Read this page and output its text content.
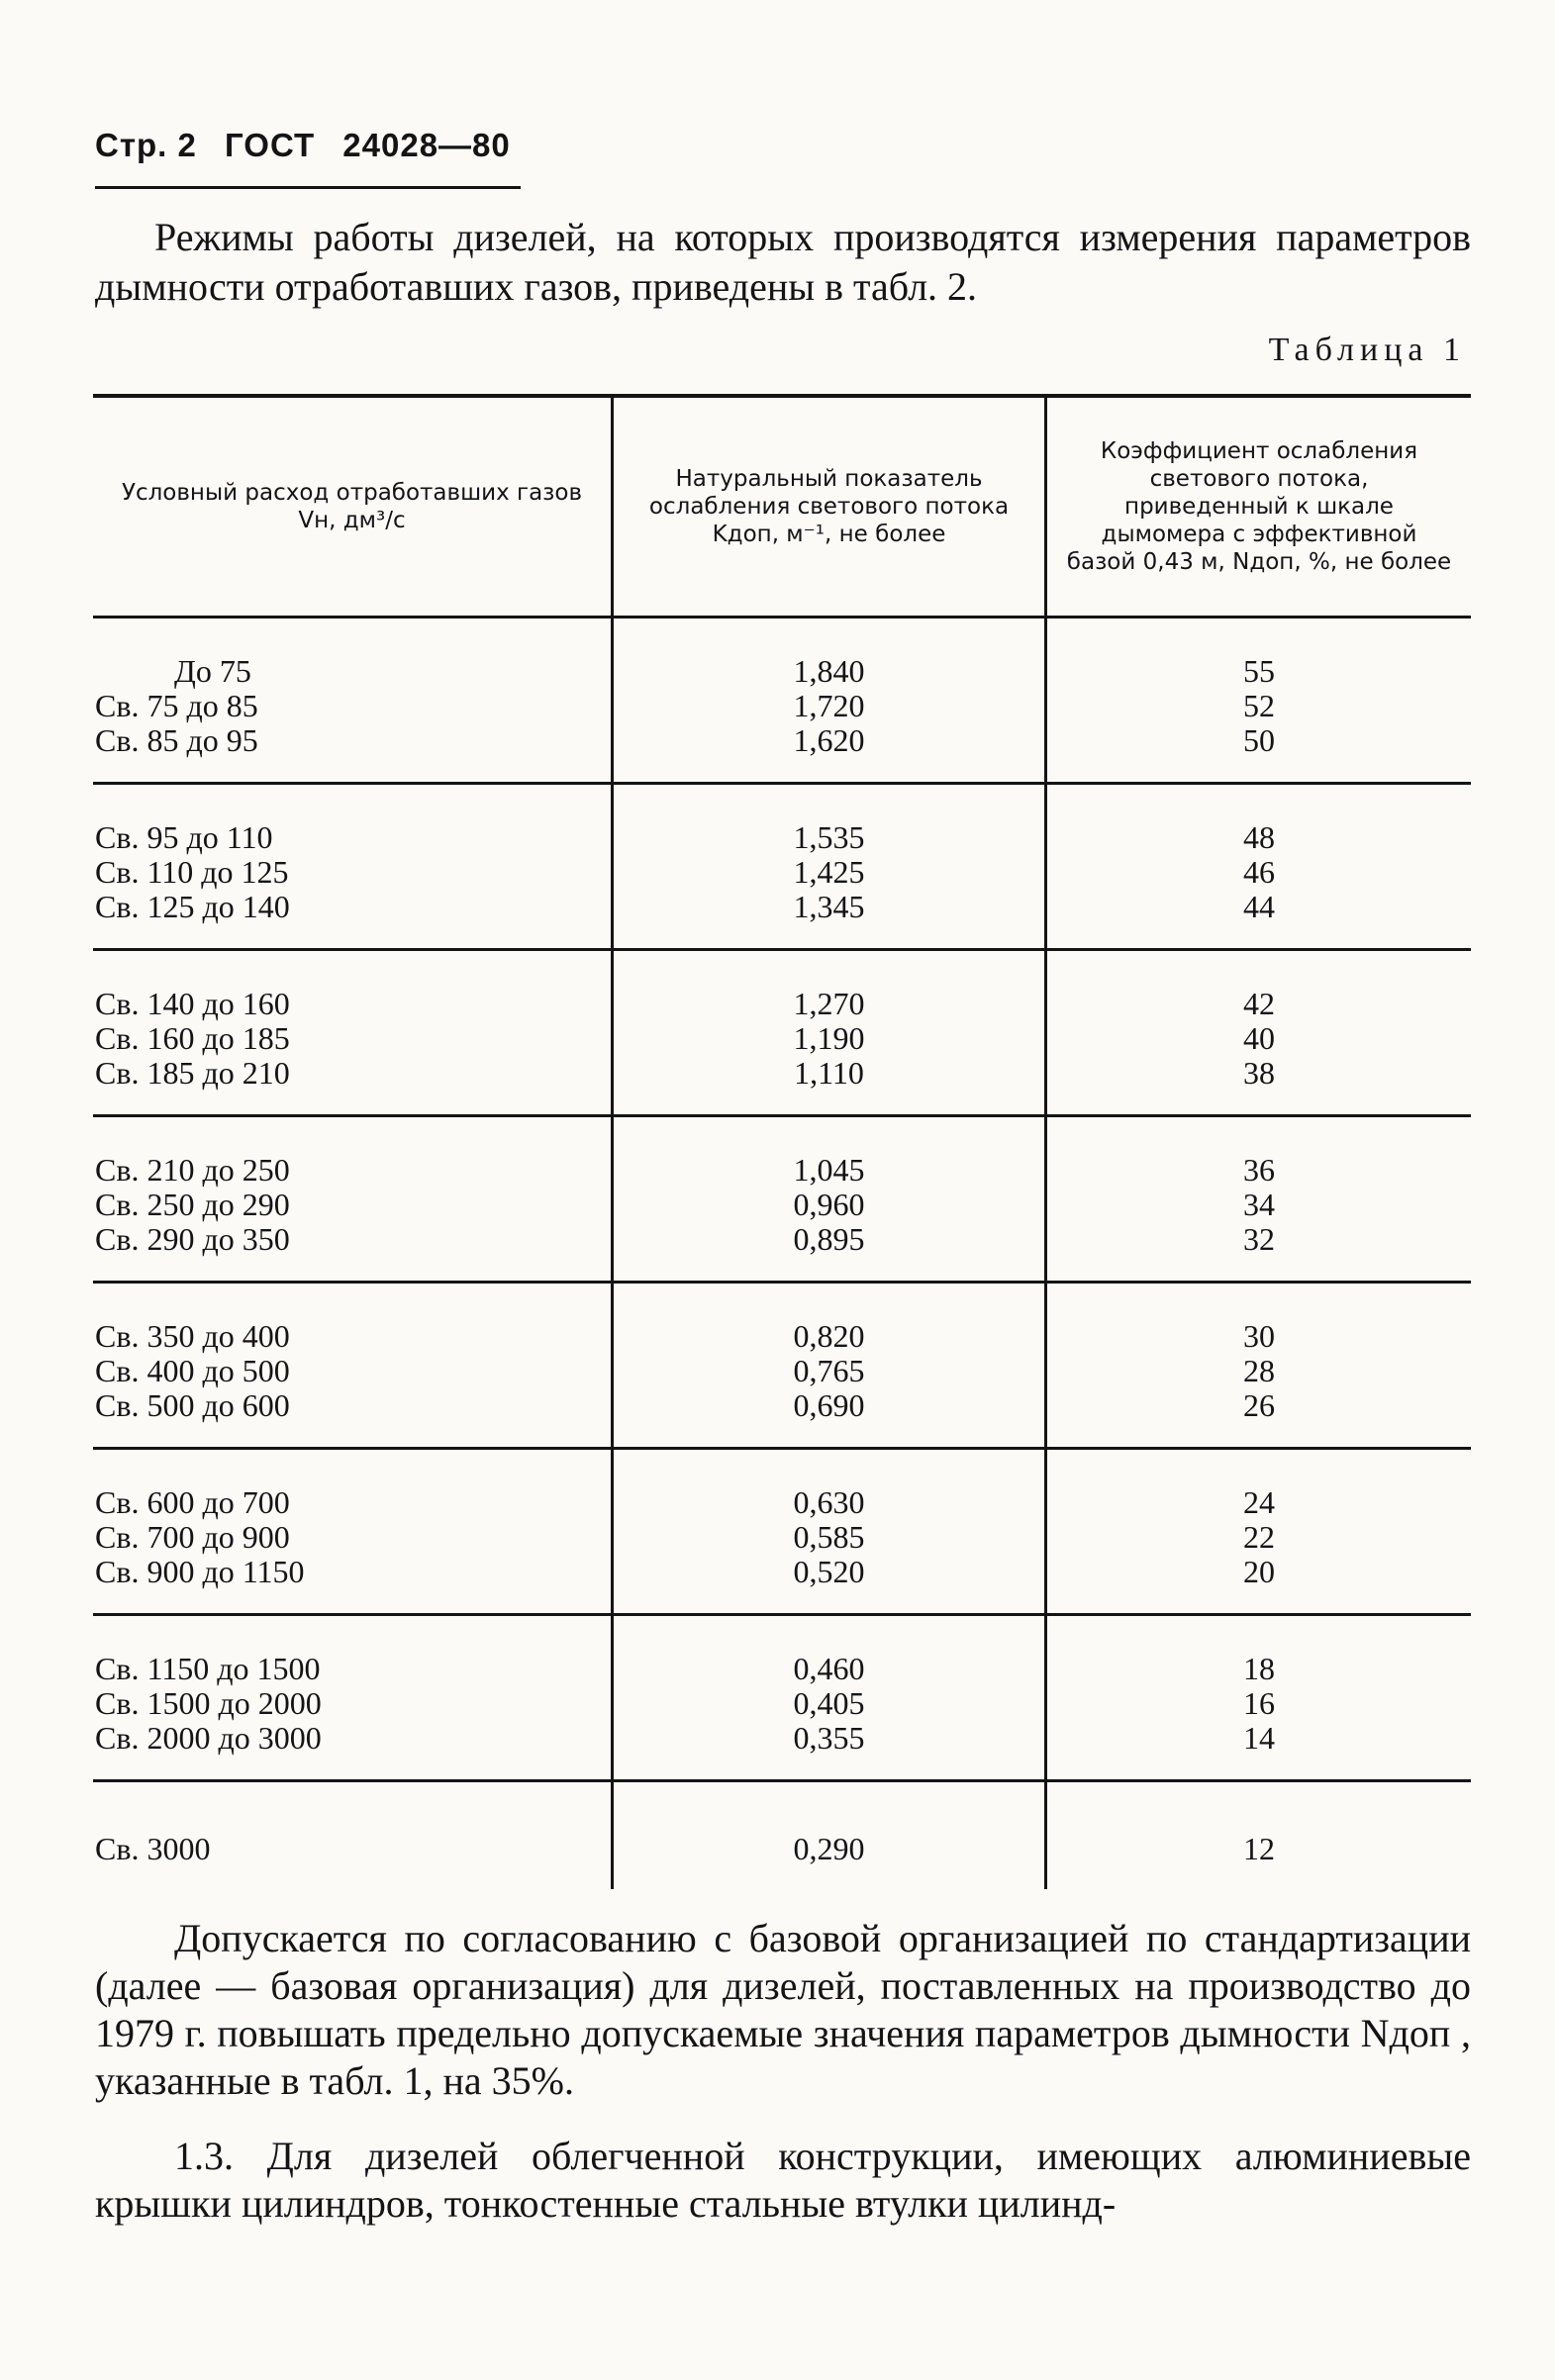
Стр. 2 ГОСТ 24028—80
Режимы работы дизелей, на которых производятся измерения параметров дымности отработавших газов, приведены в табл. 2.
Таблица 1
Условный расход отработавших газов Vн, дм³/с
Натуральный показатель ослабления светового потока Kдоп, м⁻¹, не более
Коэффициент ослабления светового потока, приведенный к шкале дымомера с эффективной базой 0,43 м, Nдоп, %, не более
До 75
Св. 75 до 85
Св. 85 до 95
1,840
1,720
1,620
55
52
50
Св. 95 до 110
Св. 110 до 125
Св. 125 до 140
1,535
1,425
1,345
48
46
44
Св. 140 до 160
Св. 160 до 185
Св. 185 до 210
1,270
1,190
1,110
42
40
38
Св. 210 до 250
Св. 250 до 290
Св. 290 до 350
1,045
0,960
0,895
36
34
32
Св. 350 до 400
Св. 400 до 500
Св. 500 до 600
0,820
0,765
0,690
30
28
26
Св. 600 до 700
Св. 700 до 900
Св. 900 до 1150
0,630
0,585
0,520
24
22
20
Св. 1150 до 1500
Св. 1500 до 2000
Св. 2000 до 3000
0,460
0,405
0,355
18
16
14
Св. 3000	0,290	12
Допускается по согласованию с базовой организацией по стандартизации (далее — базовая организация) для дизелей, поставленных на производство до 1979 г. повышать предельно допускаемые значения параметров дымности Nдоп , указанные в табл. 1, на 35%.
1.3. Для дизелей облегченной конструкции, имеющих алюминиевые крышки цилиндров, тонкостенные стальные втулки цилинд-
